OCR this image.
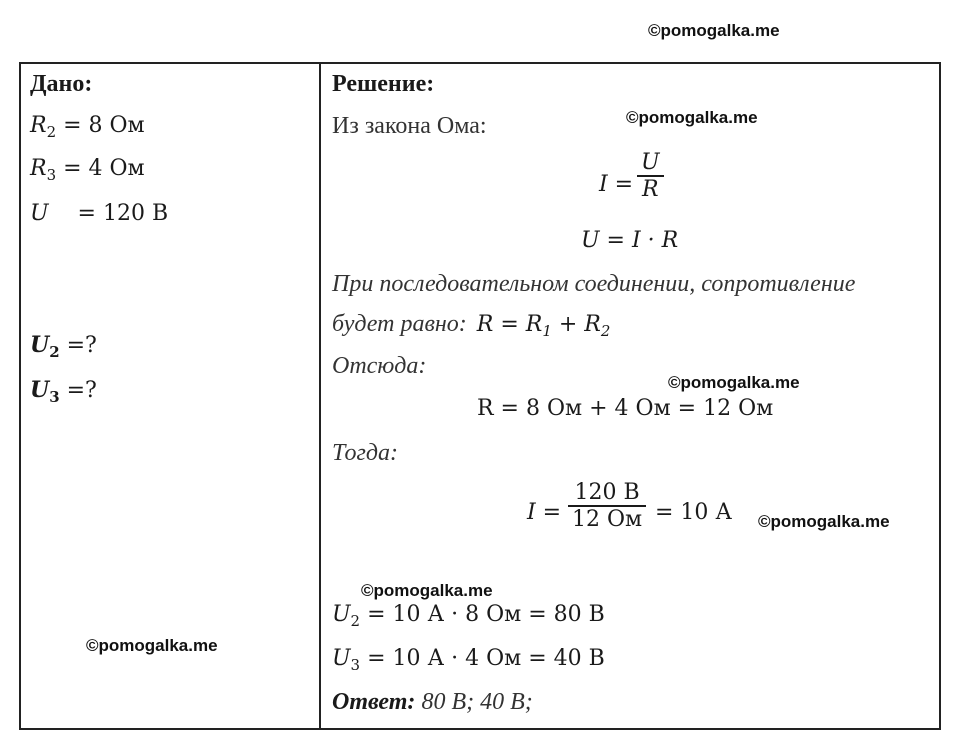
©pomogalka.me
©pomogalka.me
©pomogalka.me
©pomogalka.me
©pomogalka.me
©pomogalka.me
Дано:
$R_2 = 8$ Ом
$R_3 = 4$ Ом
U = 120 В
$U_2$ =?
$U_3$ =?
Решение:
Из закона Ома:
I =
U
R
U = I · R
При последовательном соединении, сопротивление
будет равно: $R = R_1 + R_2$
Отсюда:
R = 8 Ом + 4 Ом = 12 Ом
Тогда:
I =
120 В
12 Ом = 10 А
$U_2 = 10$ А · 8 Ом = 80 В
$U_3 = 10$ А · 4 Ом = 40 В
Ответ: 80 В; 40 В;
